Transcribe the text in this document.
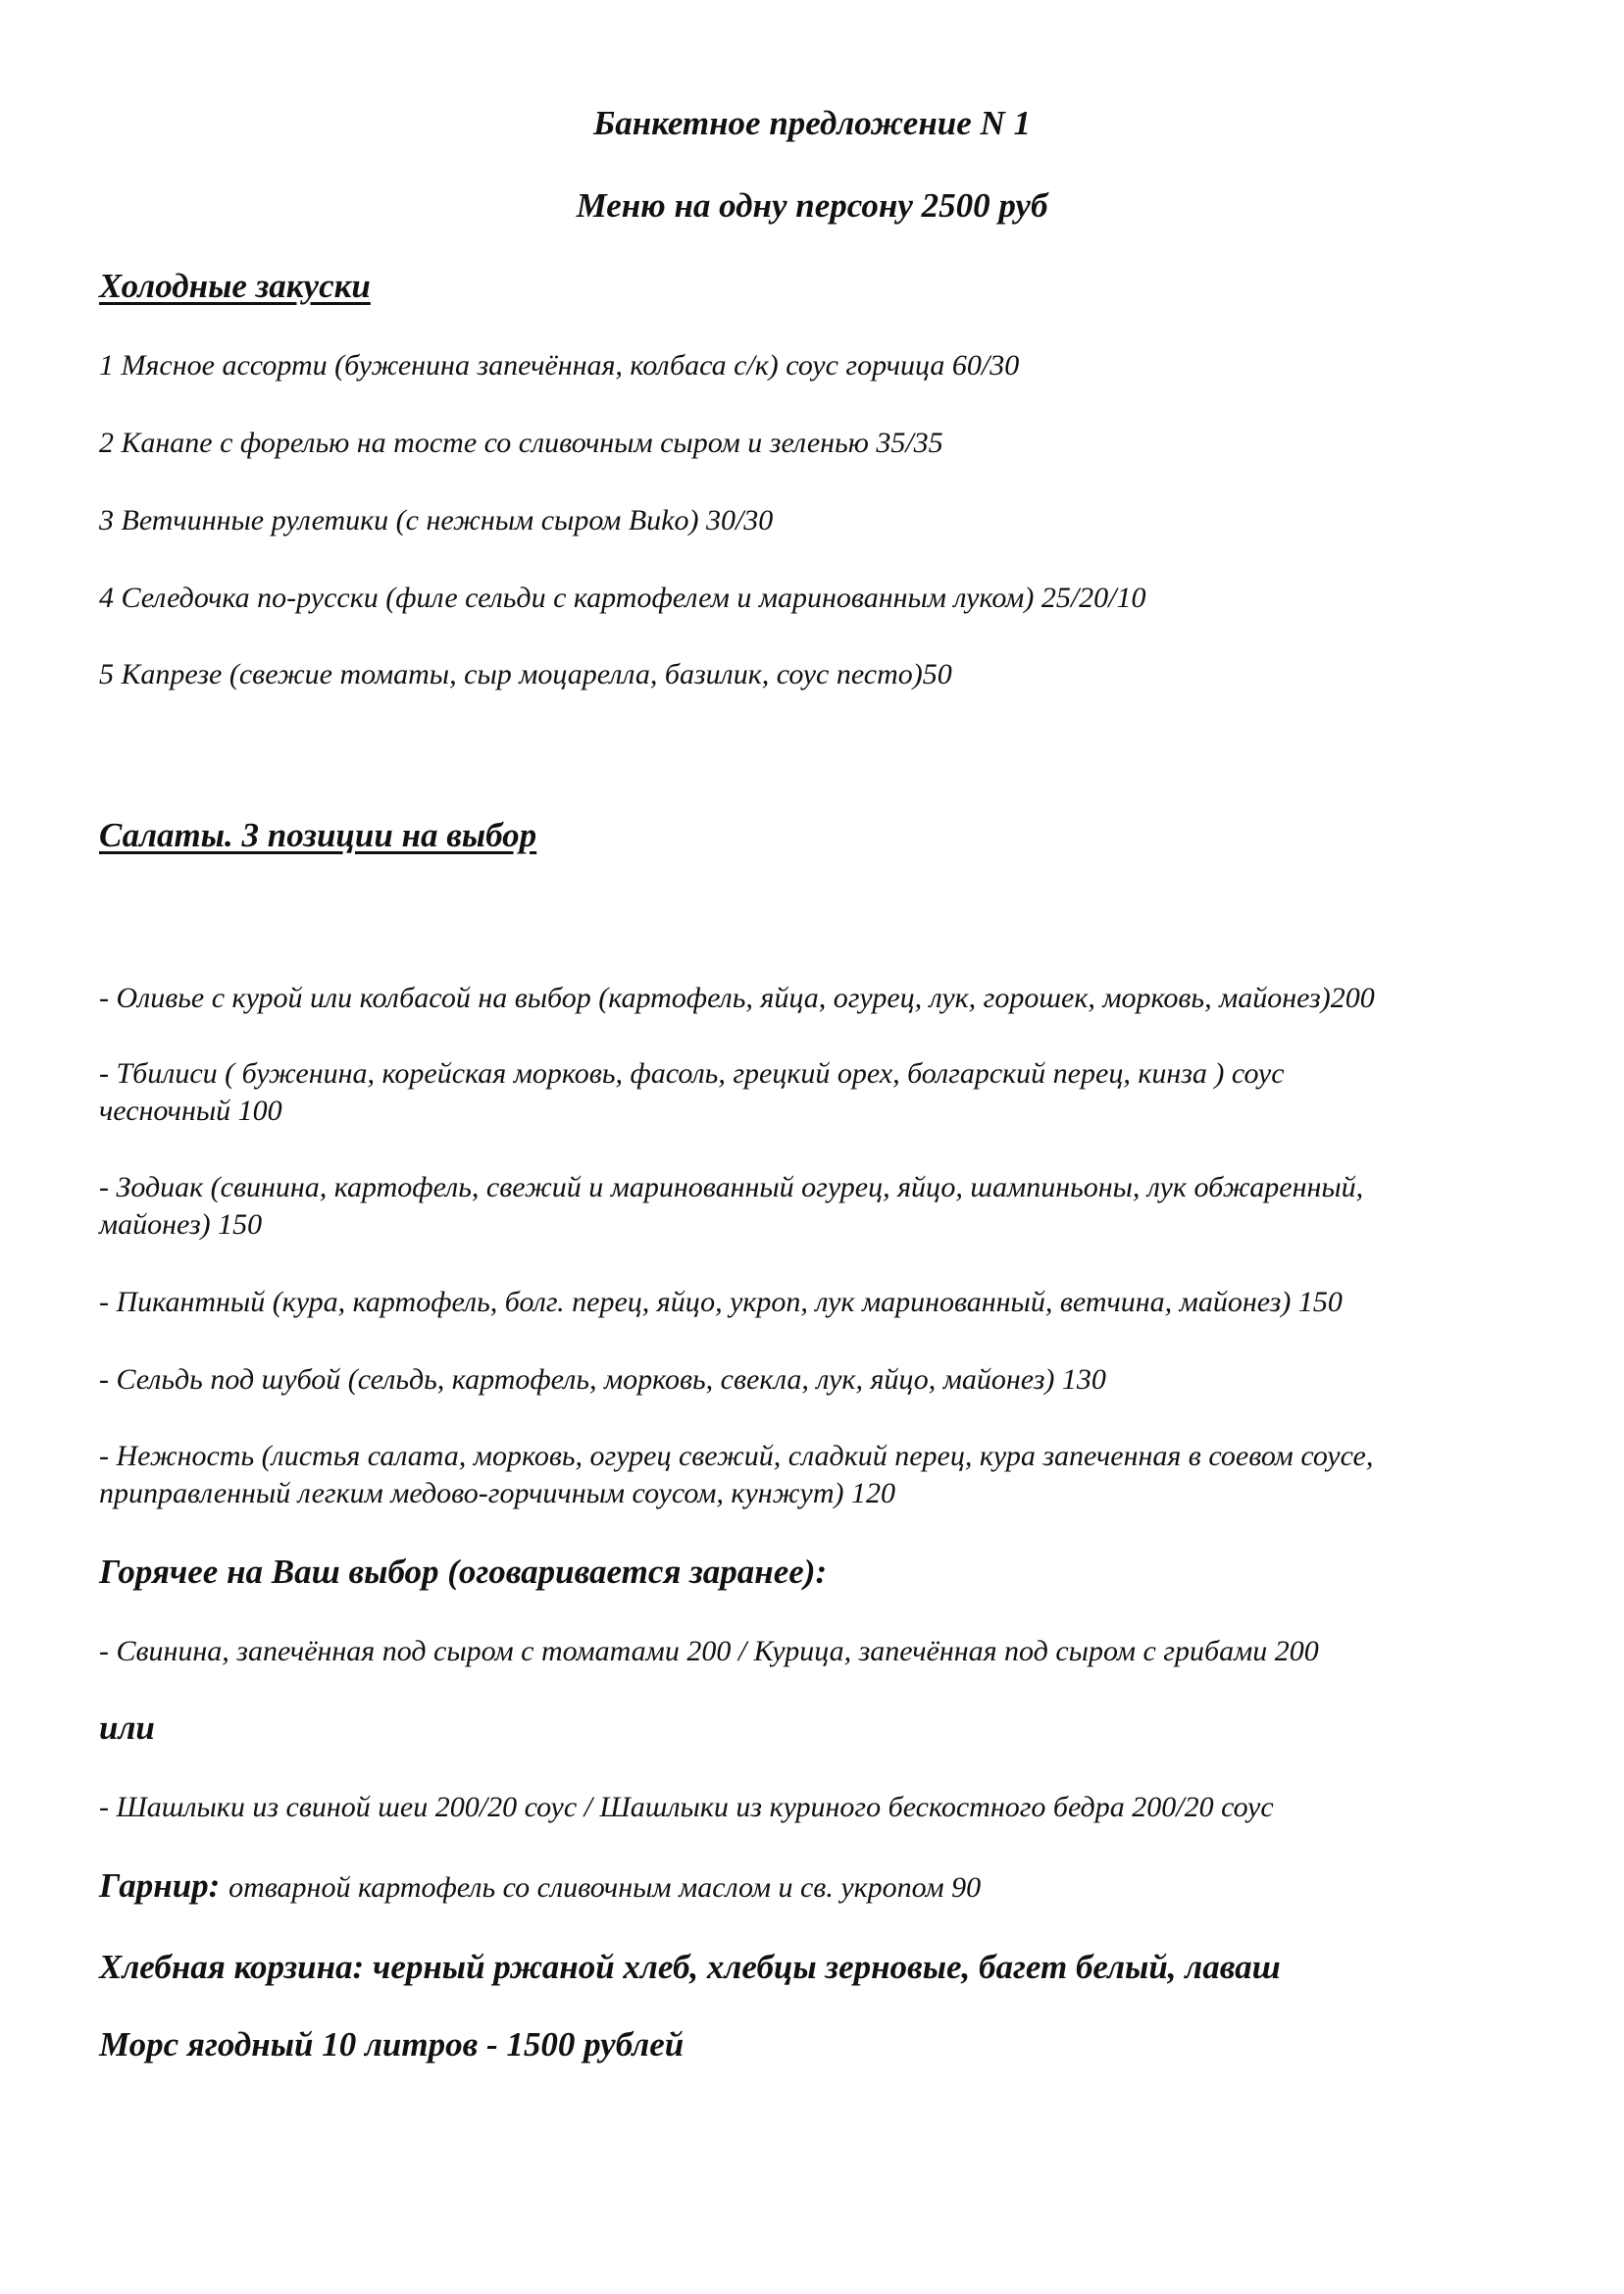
Банкетное предложение N 1

Меню на одну персону 2500 руб

Холодные закуски

1 Мясное ассорти (буженина запечённая, колбаса с/к) соус горчица 60/30

2 Канапе с форелью на тосте со сливочным сыром и зеленью 35/35

3 Ветчинные рулетики (с нежным сыром Виko) 30/30

4 Селедочка по-русски (филе сельди с картофелем и маринованным луком) 25/20/10

5 Капрезе (свежие томаты, сыр моцарелла, базилик, соус песто)50

Салаты. 3 позиции на выбор

- Оливье с курой или колбасой на выбор (картофель, яйца, огурец, лук, горошек, морковь, майонез)200

- Тбилиси ( буженина, корейская морковь, фасоль, грецкий орех, болгарский перец, кинза ) соус

чесночный 100

- Зодиак (свинина, картофель, свежий и маринованный огурец, яйцо, шампиньоны, лук обжаренный,

майонез) 150

- Пикантный (кура, картофель, болг. перец, яйцо, укроп, лук маринованный, ветчина, майонез) 150

- Сельдь под шубой (сельдь, картофель, морковь, свекла, лук, яйцо, майонез) 130

- Нежность (листья салата, морковь, огурец свежий, сладкий перец, кура запеченная в соевом соусе,

приправленный легким медово-горчичным соусом, кунжут) 120

Горячее на Ваш выбор (оговаривается заранее):

- Свинина, запечённая под сыром с томатами 200 / Курица, запечённая под сыром с грибами 200

или

- Шашлыки из свиной шеи 200/20 соус / Шашлыки из куриного бескостного бедра 200/20 соус

Гарнир: отварной картофель со сливочным маслом и св. укропом 90

Хлебная корзина: черный ржаной хлеб, хлебцы зерновые, багет белый, лаваш

Морс ягодный 10 литров - 1500 рублей
